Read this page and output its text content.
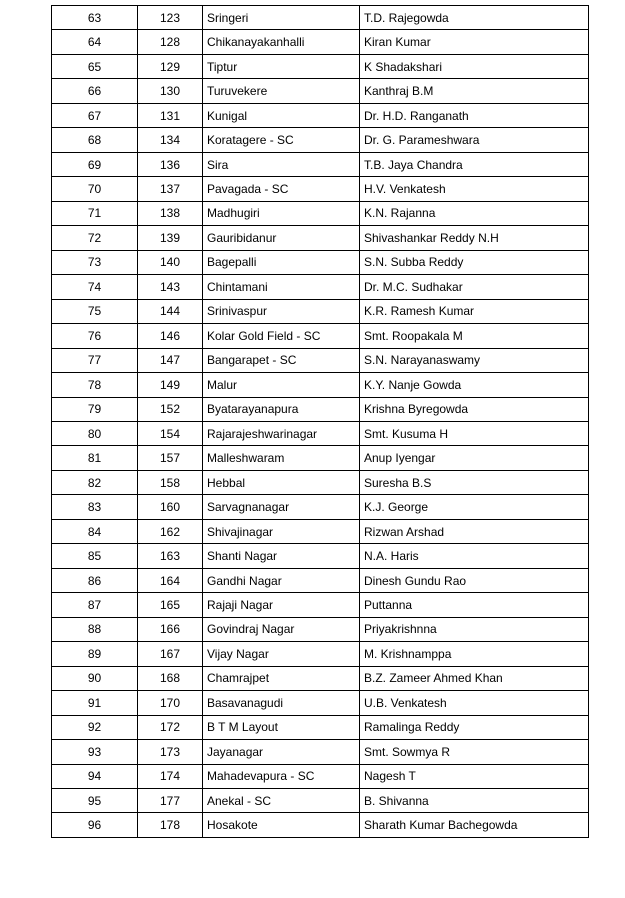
63	123	Sringeri	T.D. Rajegowda
64	128	Chikanayakanhalli	Kiran Kumar
65	129	Tiptur	K Shadakshari
66	130	Turuvekere	Kanthraj B.M
67	131	Kunigal	Dr. H.D. Ranganath
68	134	Koratagere - SC	Dr. G. Parameshwara
69	136	Sira	T.B. Jaya Chandra
70	137	Pavagada - SC	H.V. Venkatesh
71	138	Madhugiri	K.N. Rajanna
72	139	Gauribidanur	Shivashankar Reddy N.H
73	140	Bagepalli	S.N. Subba Reddy
74	143	Chintamani	Dr. M.C. Sudhakar
75	144	Srinivaspur	K.R. Ramesh Kumar
76	146	Kolar Gold Field - SC	Smt. Roopakala M
77	147	Bangarapet - SC	S.N. Narayanaswamy
78	149	Malur	K.Y. Nanje Gowda
79	152	Byatarayanapura	Krishna Byregowda
80	154	Rajarajeshwarinagar	Smt. Kusuma H
81	157	Malleshwaram	Anup Iyengar
82	158	Hebbal	Suresha B.S
83	160	Sarvagnanagar	K.J. George
84	162	Shivajinagar	Rizwan Arshad
85	163	Shanti Nagar	N.A. Haris
86	164	Gandhi Nagar	Dinesh Gundu Rao
87	165	Rajaji Nagar	Puttanna
88	166	Govindraj Nagar	Priyakrishnna
89	167	Vijay Nagar	M. Krishnamppa
90	168	Chamrajpet	B.Z. Zameer Ahmed Khan
91	170	Basavanagudi	U.B. Venkatesh
92	172	B T M Layout	Ramalinga Reddy
93	173	Jayanagar	Smt. Sowmya R
94	174	Mahadevapura - SC	Nagesh T
95	177	Anekal - SC	B. Shivanna
96	178	Hosakote	Sharath Kumar Bachegowda
